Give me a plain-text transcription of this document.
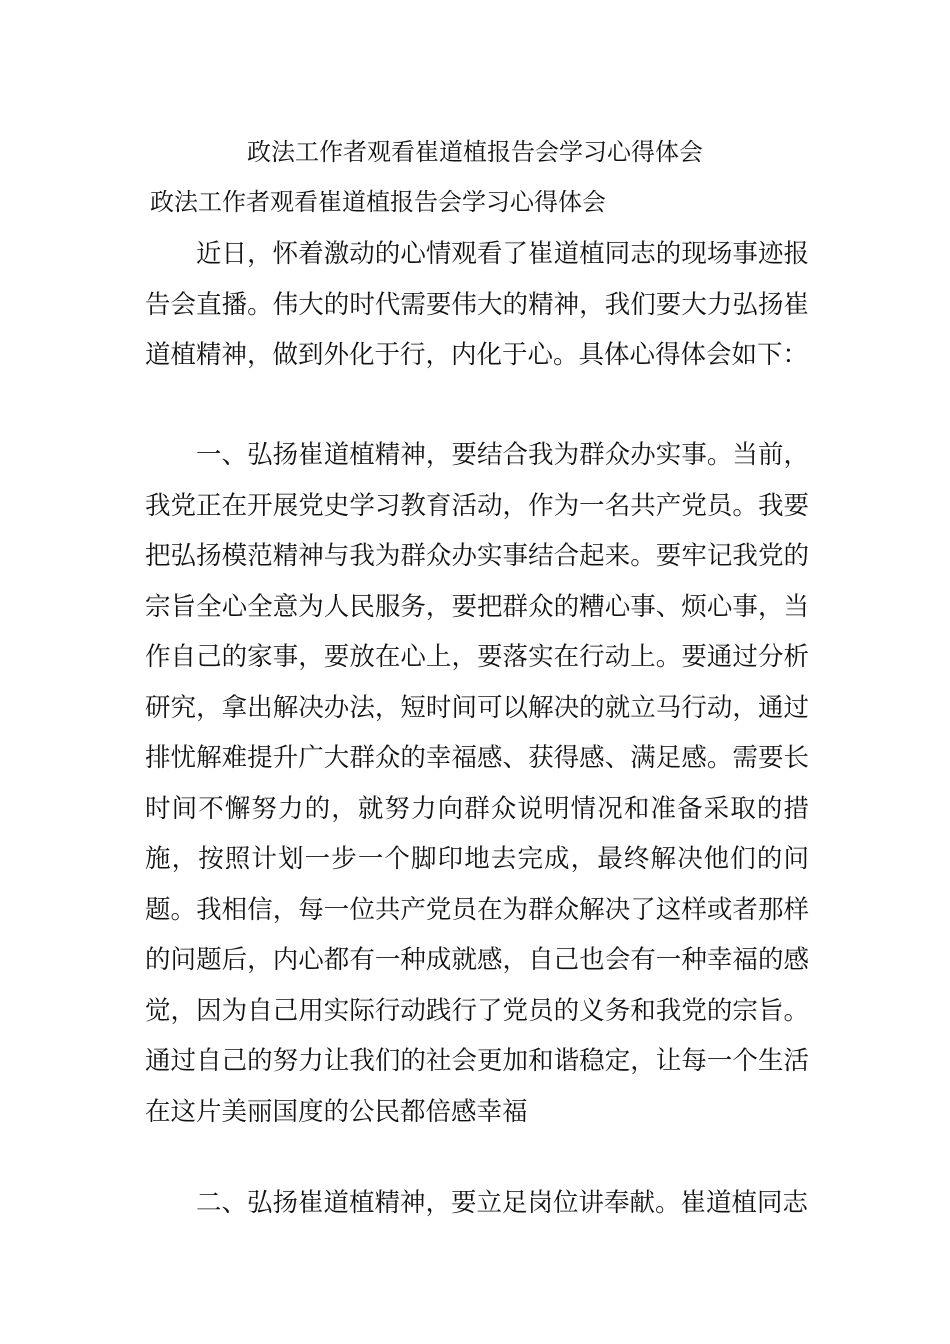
政法工作者观看崔道植报告会学习心得体会
政法工作者观看崔道植报告会学习心得体会

近日，怀着激动的心情观看了崔道植同志的现场事迹报告会直播。伟大的时代需要伟大的精神，我们要大力弘扬崔道植精神，做到外化于行，内化于心。具体心得体会如下：

一、弘扬崔道植精神，要结合我为群众办实事。当前，我党正在开展党史学习教育活动，作为一名共产党员。我要把弘扬模范精神与我为群众办实事结合起来。要牢记我党的宗旨全心全意为人民服务，要把群众的糟心事、烦心事，当作自己的家事，要放在心上，要落实在行动上。要通过分析研究，拿出解决办法，短时间可以解决的就立马行动，通过排忧解难提升广大群众的幸福感、获得感、满足感。需要长时间不懈努力的，就努力向群众说明情况和准备采取的措施，按照计划一步一个脚印地去完成，最终解决他们的问题。我相信，每一位共产党员在为群众解决了这样或者那样的问题后，内心都有一种成就感，自己也会有一种幸福的感觉，因为自己用实际行动践行了党员的义务和我党的宗旨。通过自己的努力让我们的社会更加和谐稳定，让每一个生活在这片美丽国度的公民都倍感幸福

二、弘扬崔道植精神，要立足岗位讲奉献。崔道植同志
